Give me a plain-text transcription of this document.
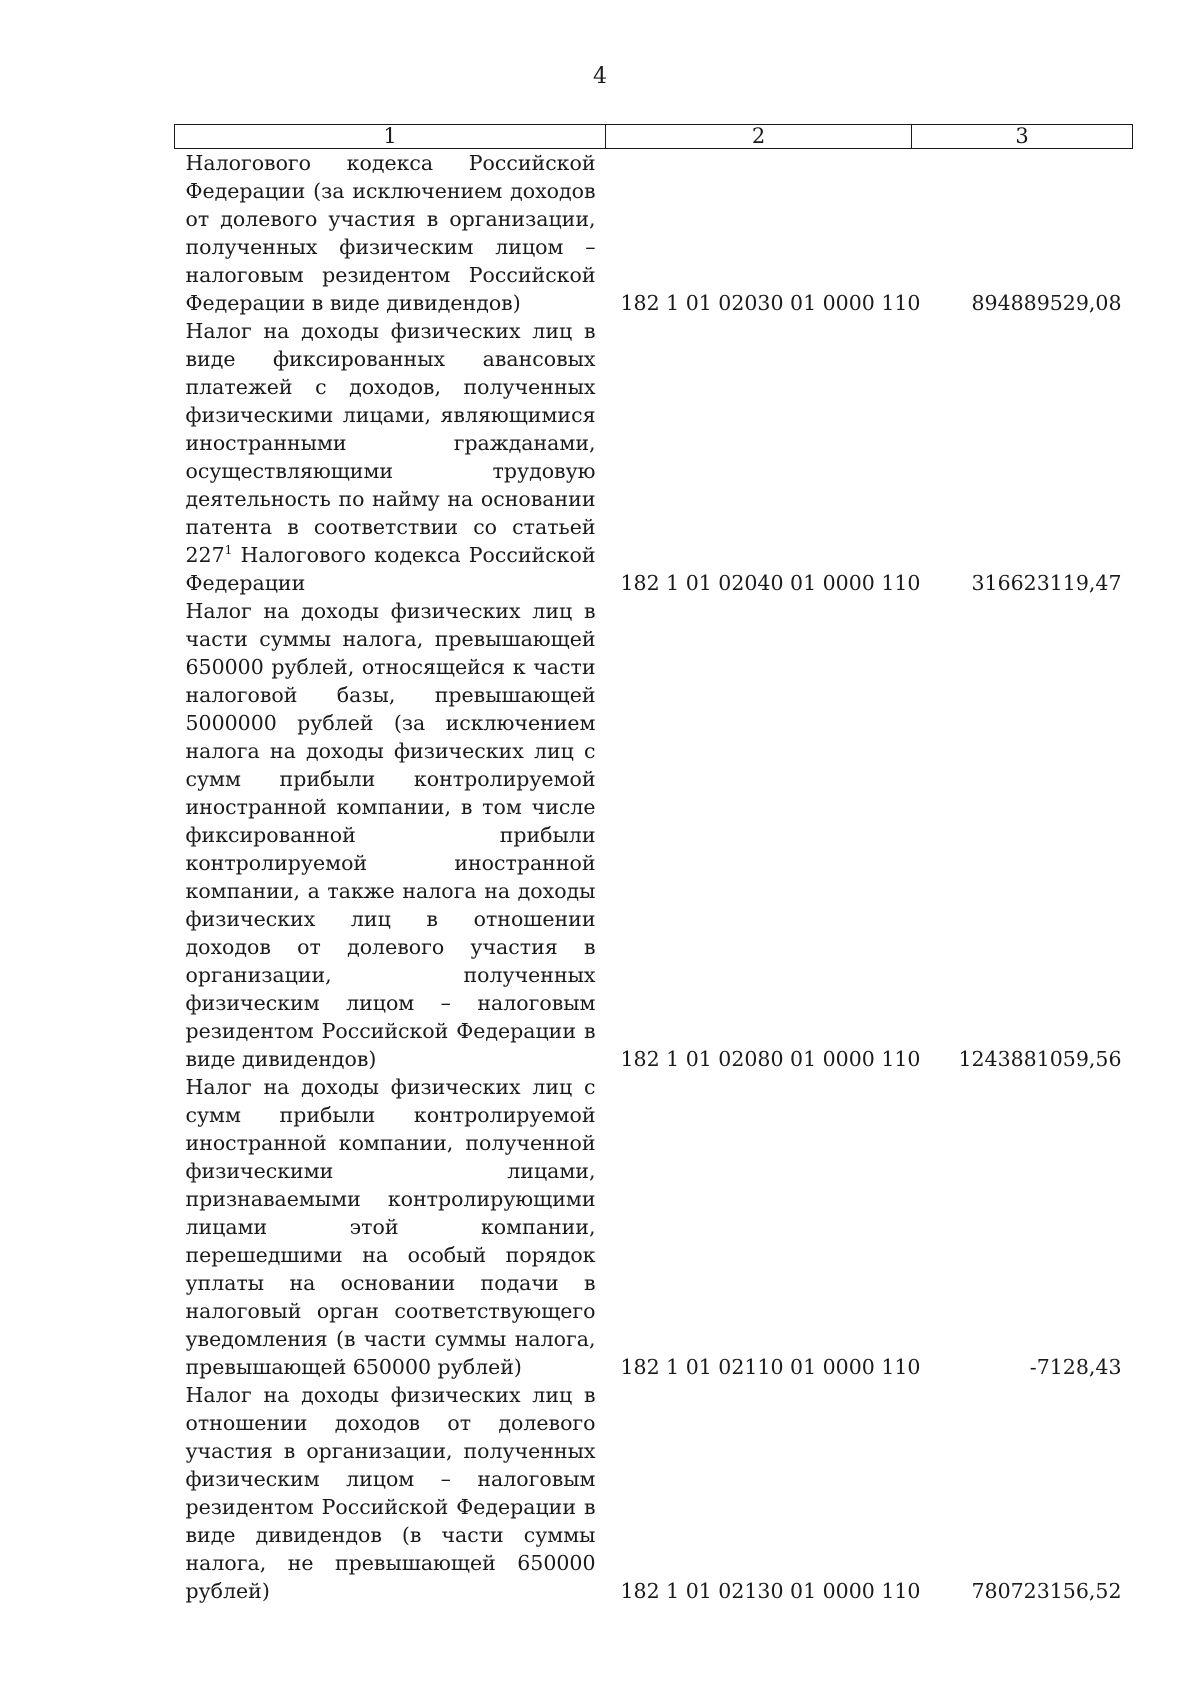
4
1	2	3
Налогового кодекса Российской Федерации (за исключением доходов от долевого участия в организации, полученных физическим лицом – налоговым резидентом Российской Федерации в виде дивидендов)	182 1 01 02030 01 0000 110	894889529,08
Налог на доходы физических лиц в виде фиксированных авансовых платежей с доходов, полученных физическими лицами, являющимися иностранными гражданами, осуществляющими трудовую деятельность по найму на основании патента в соответствии со статьей $227^1$ Налогового кодекса Российской Федерации	182 1 01 02040 01 0000 110	316623119,47
Налог на доходы физических лиц в части суммы налога, превышающей 650000 рублей, относящейся к части налоговой базы, превышающей 5000000 рублей (за исключением налога на доходы физических лиц с сумм прибыли контролируемой иностранной компании, в том числе фиксированной прибыли контролируемой иностранной компании, а также налога на доходы физических лиц в отношении доходов от долевого участия в организации, полученных физическим лицом – налоговым резидентом Российской Федерации в виде дивидендов)	182 1 01 02080 01 0000 110	1243881059,56
Налог на доходы физических лиц с сумм прибыли контролируемой иностранной компании, полученной физическими лицами, признаваемыми контролирующими лицами этой компании, перешедшими на особый порядок уплаты на основании подачи в налоговый орган соответствующего уведомления (в части суммы налога, превышающей 650000 рублей)	182 1 01 02110 01 0000 110	-7128,43
Налог на доходы физических лиц в отношении доходов от долевого участия в организации, полученных физическим лицом – налоговым резидентом Российской Федерации в виде дивидендов (в части суммы налога, не превышающей 650000 рублей)	182 1 01 02130 01 0000 110	780723156,52
